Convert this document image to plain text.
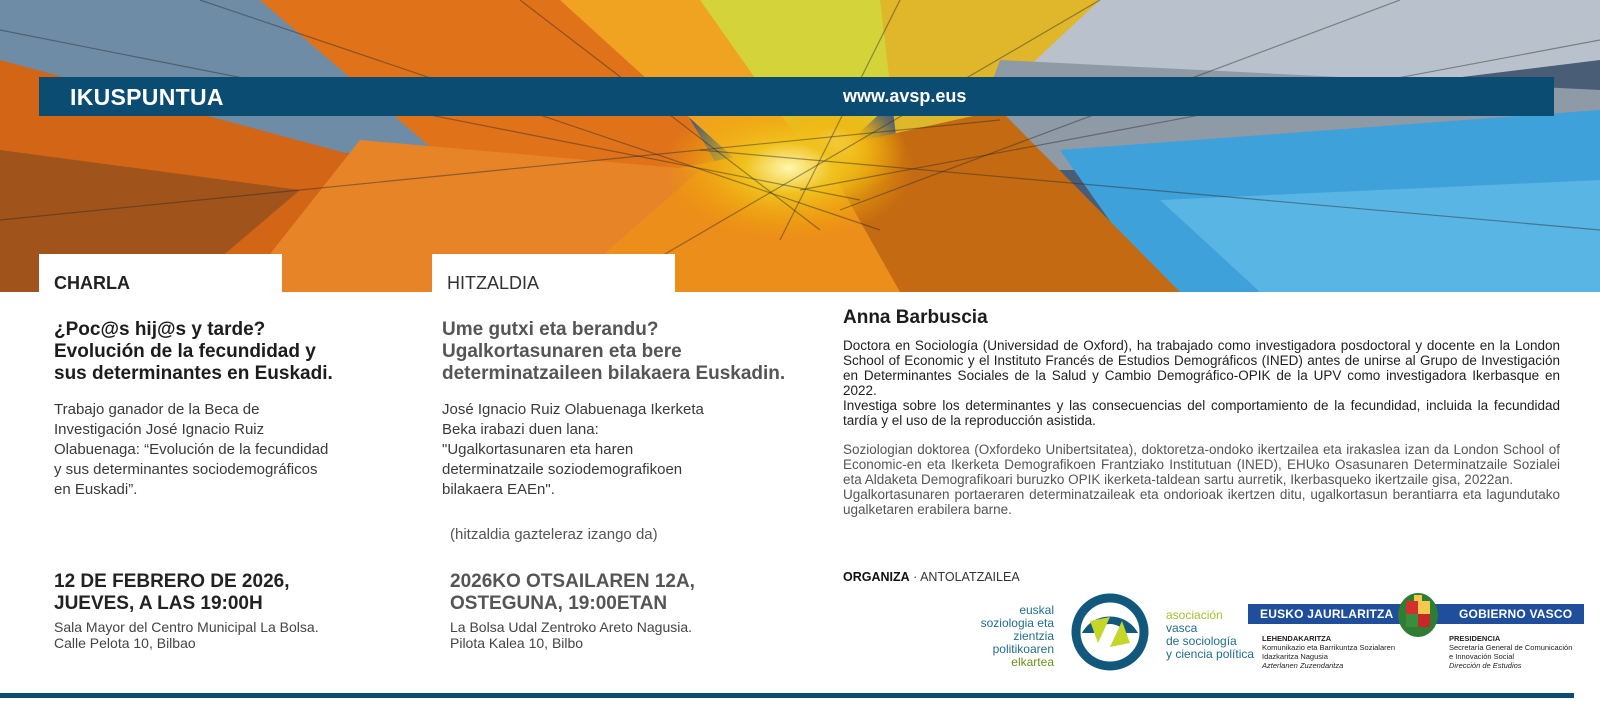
IKUSPUNTUA	www.avsp.eus
CHARLA	HITZALDIA
¿Poc@s hij@s y tarde?
Evolución de la fecundidad y
sus determinantes en Euskadi.
Trabajo ganador de la Beca de
Investigación José Ignacio Ruiz
Olabuenaga: “Evolución de la fecundidad
y sus determinantes sociodemográficos
en Euskadi”.
12 DE FEBRERO DE 2026,
JUEVES, A LAS 19:00H
Sala Mayor del Centro Municipal La Bolsa.
Calle Pelota 10, Bilbao
Ume gutxi eta berandu?
Ugalkortasunaren eta bere
determinatzaileen bilakaera Euskadin.
José Ignacio Ruiz Olabuenaga Ikerketa
Beka irabazi duen lana:
"Ugalkortasunaren eta haren
determinatzaile soziodemografikoen
bilakaera EAEn".
(hitzaldia gazteleraz izango da)
2026KO OTSAILAREN 12A,
OSTEGUNA, 19:00ETAN
La Bolsa Udal Zentroko Areto Nagusia.
Pilota Kalea 10, Bilbo
Anna Barbuscia

Doctora en Sociología (Universidad de Oxford), ha trabajado como investigadora posdoctoral y docente en la London School of Economic y el Instituto Francés de Estudios Demográficos (INED) antes de unirse al Grupo de Investigación en Determinantes Sociales de la Salud y Cambio Demográfico-OPIK de la UPV como investigadora Ikerbasque en 2022.

Investiga sobre los determinantes y las consecuencias del comportamiento de la fecundidad, incluida la fecundidad tardía y el uso de la reproducción asistida.

Soziologian doktorea (Oxfordeko Unibertsitatea), doktoretza-ondoko ikertzailea eta irakaslea izan da London School of Economic-en eta Ikerketa Demografikoen Frantziako Institutuan (INED), EHUko Osasunaren Determinatzaile Sozialei eta Aldaketa Demografikoari buruzko OPIK ikerketa-taldean sartu aurretik, Ikerbasqueko ikertzaile gisa, 2022an.

Ugalkortasunaren portaeraren determinatzaileak eta ondorioak ikertzen ditu, ugalkortasun berantiarra eta lagundutako ugalketaren erabilera barne.

ORGANIZA · ANTOLATZAILEA
euskal
soziologia eta
zientzia
politikoaren
elkartea
asociación
vasca
de sociología
y ciencia política
EUSKO JAURLARITZA	GOBIERNO VASCO
LEHENDAKARITZA
Komunikazio eta Barrikuntza Sozialaren
Idazkaritza Nagusia
Azterlanen Zuzendaritza
PRESIDENCIA
Secretaría General de Comunicación
e Innovación Social
Dirección de Estudios
